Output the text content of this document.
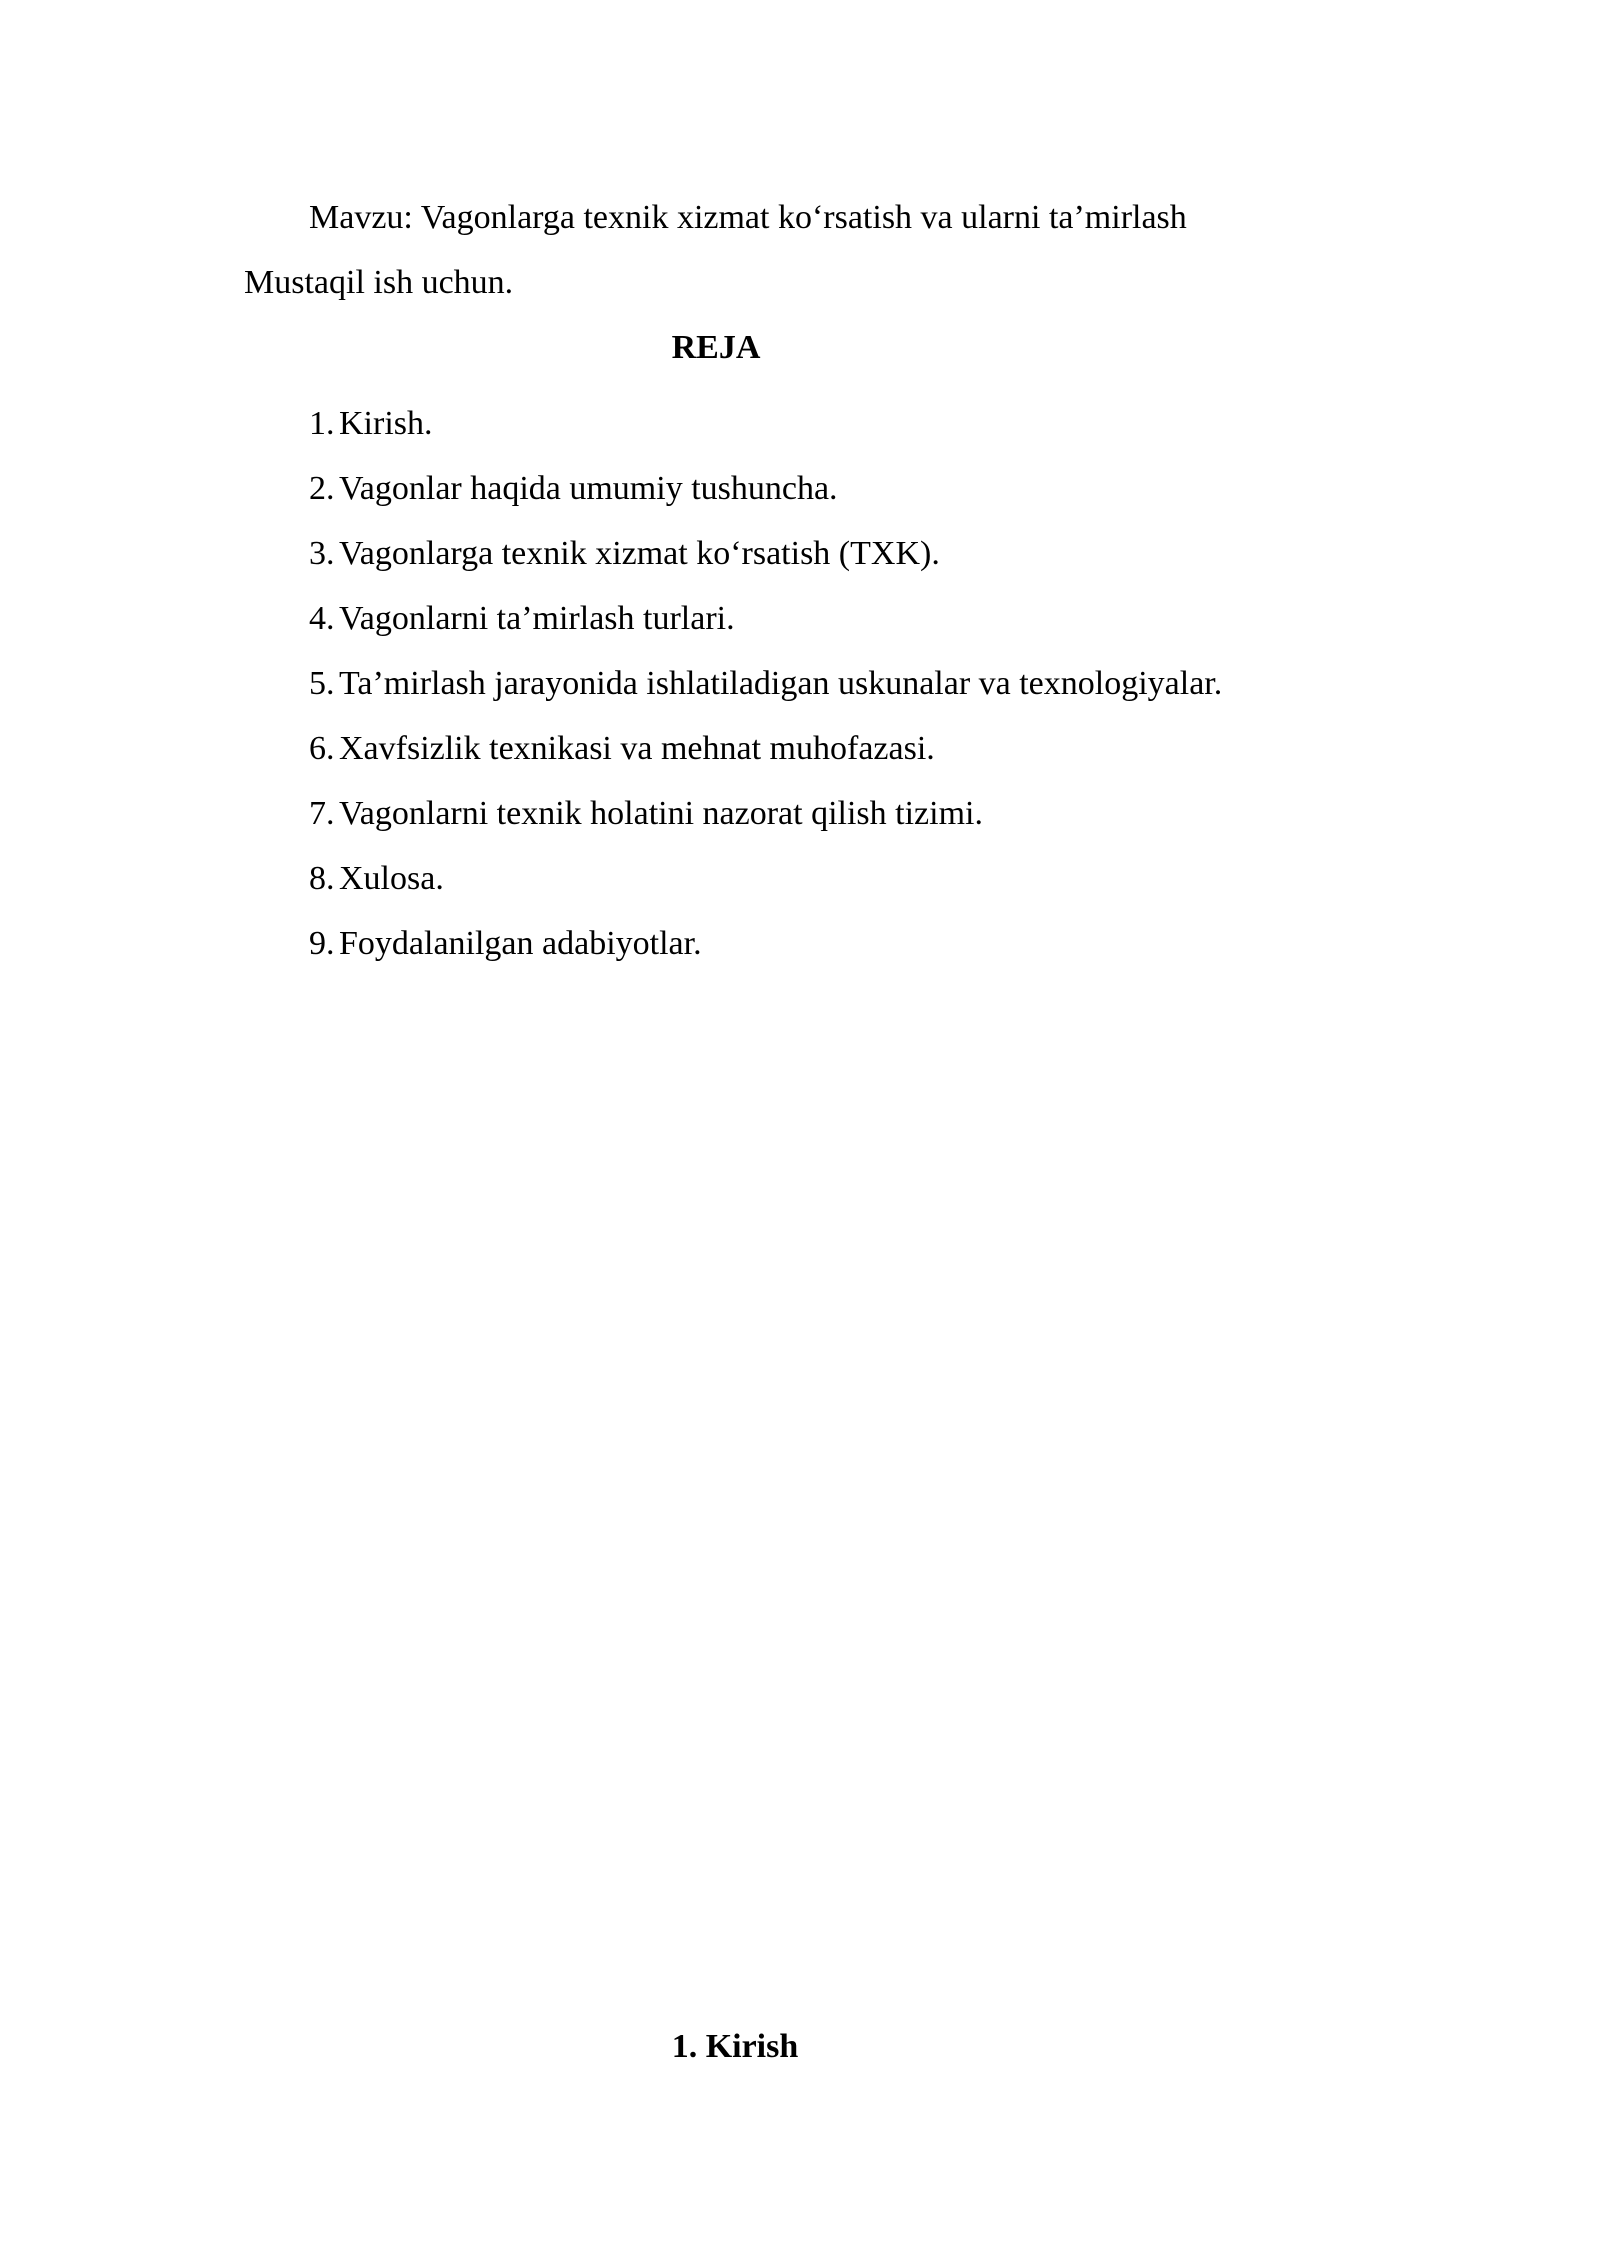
Mavzu: Vagonlarga texnik xizmat ko‘rsatish va ularni ta’mirlash
Mustaqil ish uchun.
REJA
1. Kirish.
2. Vagonlar haqida umumiy tushuncha.
3. Vagonlarga texnik xizmat ko‘rsatish (TXK).
4. Vagonlarni ta’mirlash turlari.
5. Ta’mirlash jarayonida ishlatiladigan uskunalar va texnologiyalar.
6. Xavfsizlik texnikasi va mehnat muhofazasi.
7. Vagonlarni texnik holatini nazorat qilish tizimi.
8. Xulosa.
9. Foydalanilgan adabiyotlar.
1. Kirish
